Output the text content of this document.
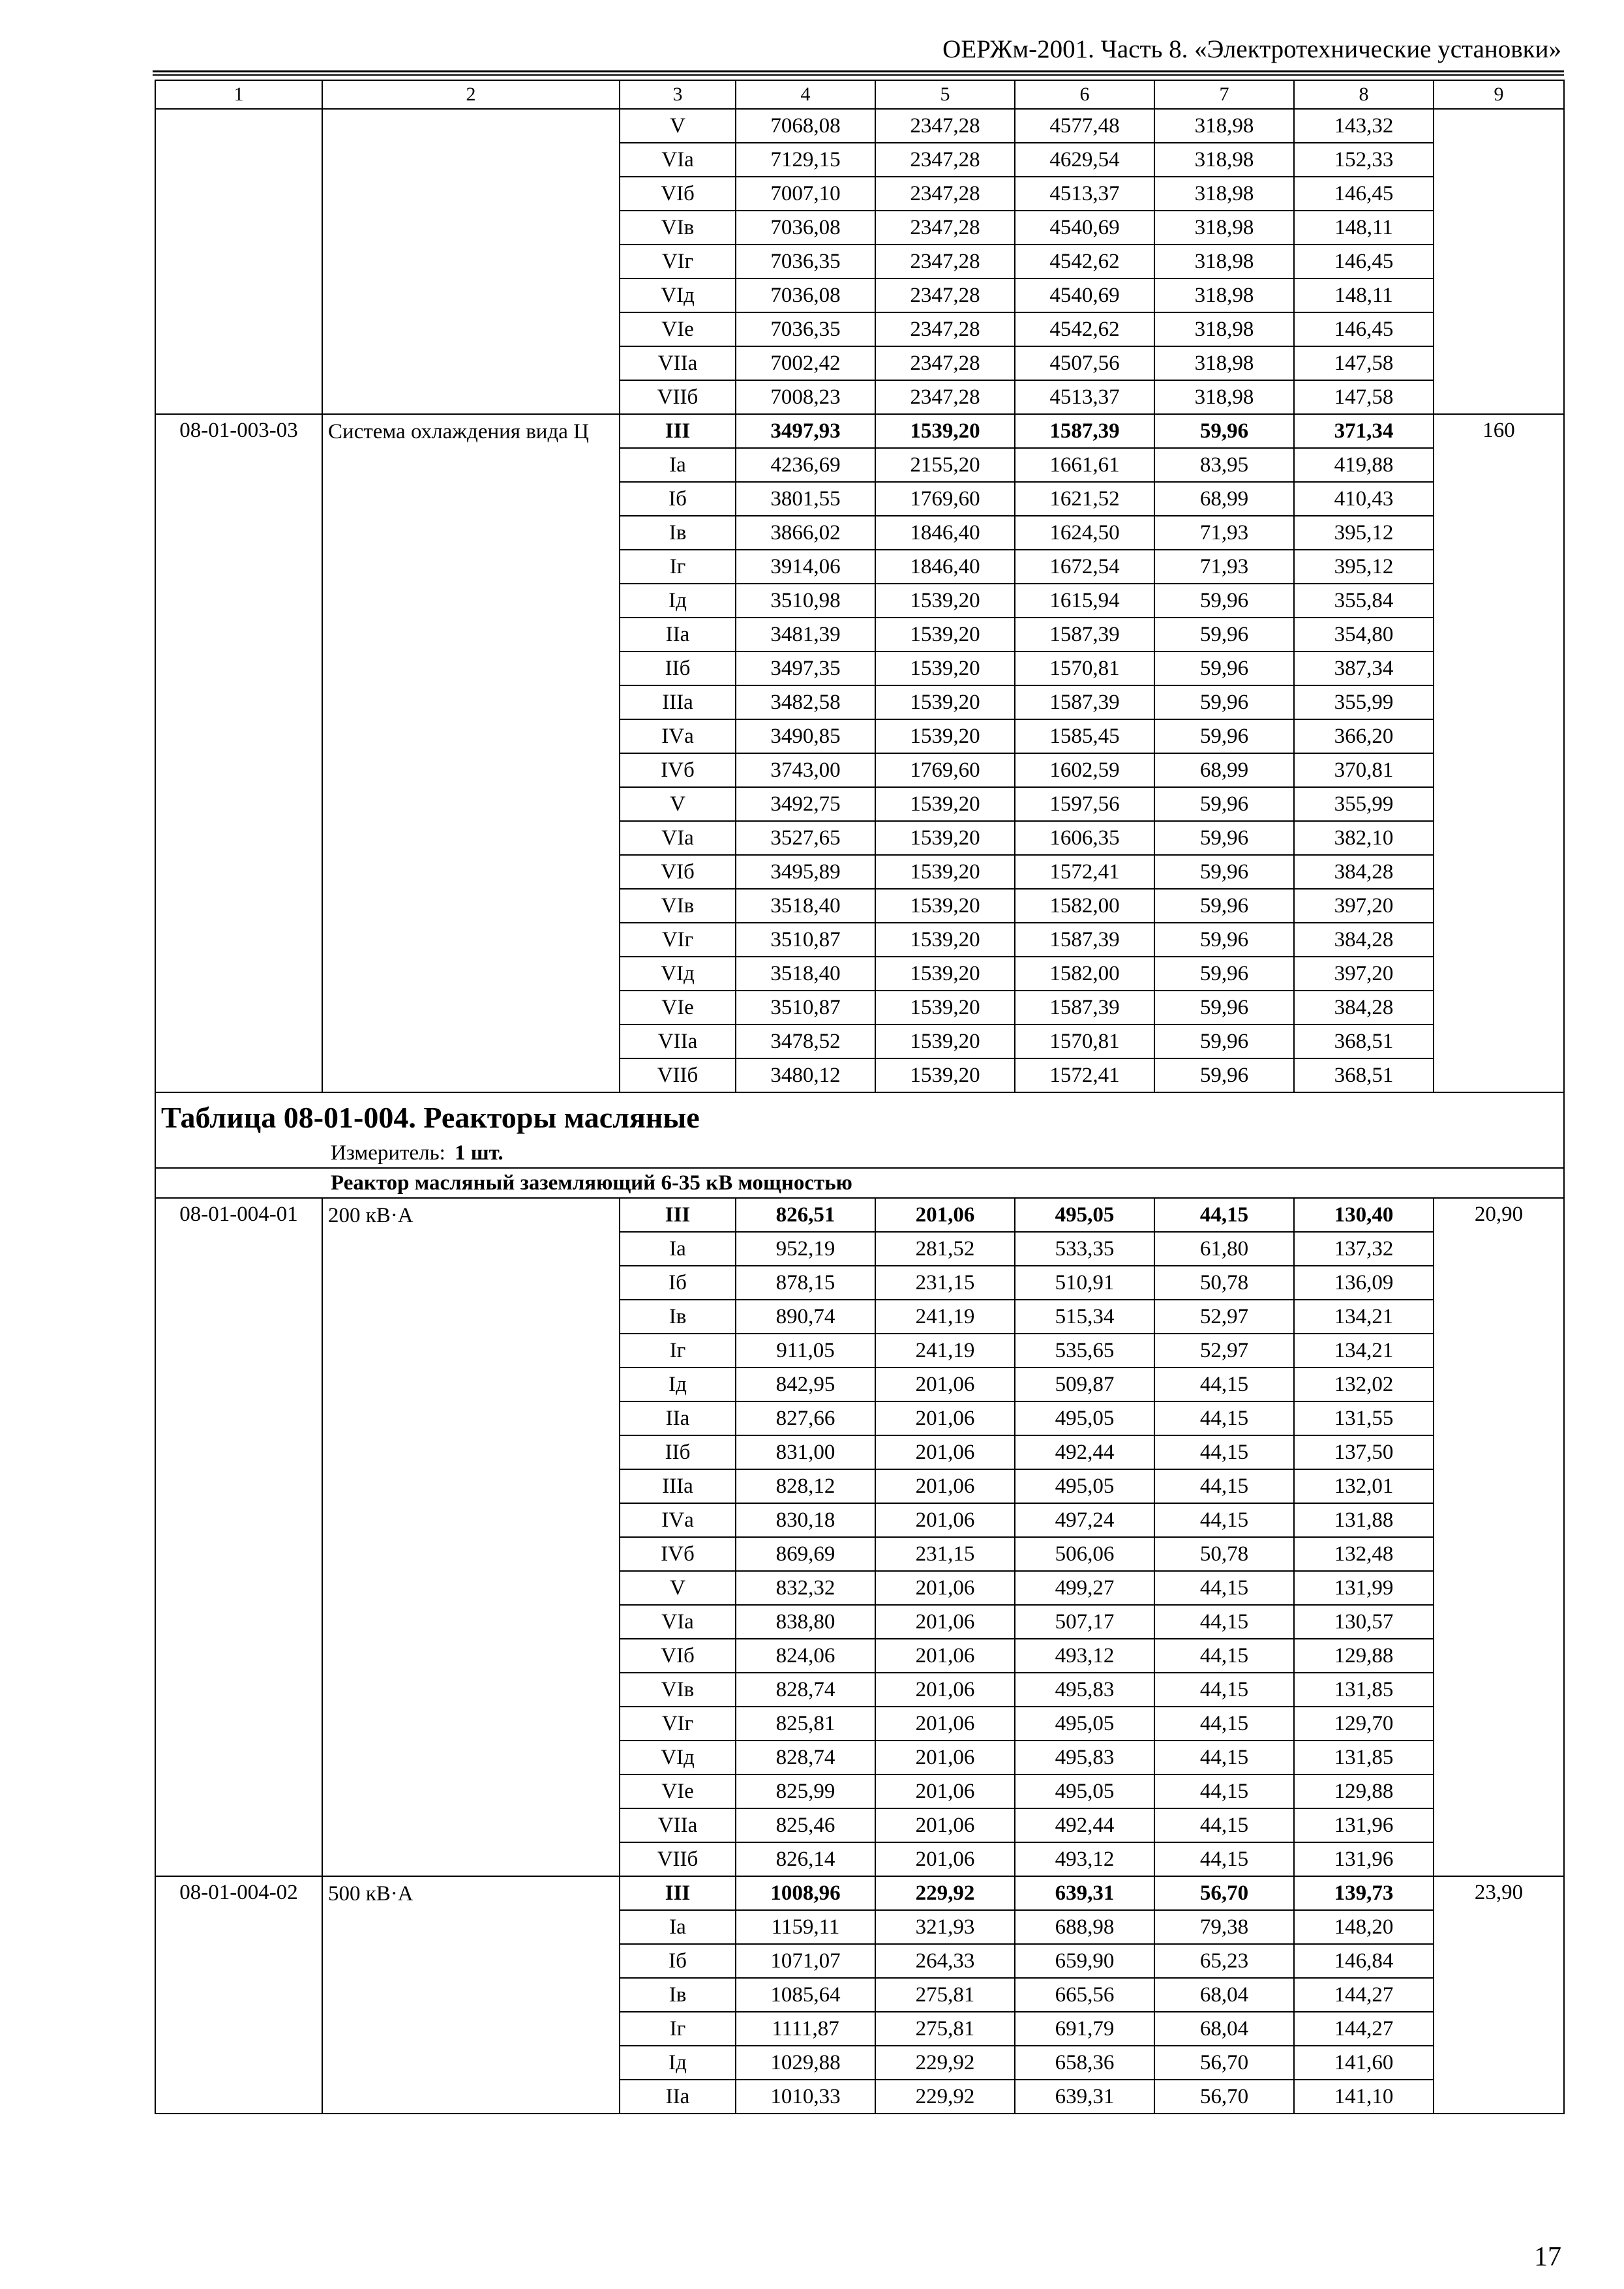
ОЕРЖм-2001. Часть 8. «Электротехнические установки»
1	2	3	4	5	6	7	8	9
		V	7068,08	2347,28	4577,48	318,98	143,32	
		VIа	7129,15	2347,28	4629,54	318,98	152,33	
		VIб	7007,10	2347,28	4513,37	318,98	146,45	
		VIв	7036,08	2347,28	4540,69	318,98	148,11	
		VIг	7036,35	2347,28	4542,62	318,98	146,45	
		VIд	7036,08	2347,28	4540,69	318,98	148,11	
		VIе	7036,35	2347,28	4542,62	318,98	146,45	
		VIIа	7002,42	2347,28	4507,56	318,98	147,58	
		VIIб	7008,23	2347,28	4513,37	318,98	147,58	
08-01-003-03	Система охлаждения вида Ц	III	3497,93	1539,20	1587,39	59,96	371,34	160
		Iа	4236,69	2155,20	1661,61	83,95	419,88	
		Iб	3801,55	1769,60	1621,52	68,99	410,43	
		Iв	3866,02	1846,40	1624,50	71,93	395,12	
		Iг	3914,06	1846,40	1672,54	71,93	395,12	
		Iд	3510,98	1539,20	1615,94	59,96	355,84	
		IIа	3481,39	1539,20	1587,39	59,96	354,80	
		IIб	3497,35	1539,20	1570,81	59,96	387,34	
		IIIа	3482,58	1539,20	1587,39	59,96	355,99	
		IVа	3490,85	1539,20	1585,45	59,96	366,20	
		IVб	3743,00	1769,60	1602,59	68,99	370,81	
		V	3492,75	1539,20	1597,56	59,96	355,99	
		VIа	3527,65	1539,20	1606,35	59,96	382,10	
		VIб	3495,89	1539,20	1572,41	59,96	384,28	
		VIв	3518,40	1539,20	1582,00	59,96	397,20	
		VIг	3510,87	1539,20	1587,39	59,96	384,28	
		VIд	3518,40	1539,20	1582,00	59,96	397,20	
		VIе	3510,87	1539,20	1587,39	59,96	384,28	
		VIIа	3478,52	1539,20	1570,81	59,96	368,51	
		VIIб	3480,12	1539,20	1572,41	59,96	368,51	
Таблица 08-01-004. Реакторы масляные								
Измеритель: 1 шт.								
Реактор масляный заземляющий 6-35 кВ мощностью								
08-01-004-01	200 кВ·А	III	826,51	201,06	495,05	44,15	130,40	20,90
		Iа	952,19	281,52	533,35	61,80	137,32	
		Iб	878,15	231,15	510,91	50,78	136,09	
		Iв	890,74	241,19	515,34	52,97	134,21	
		Iг	911,05	241,19	535,65	52,97	134,21	
		Iд	842,95	201,06	509,87	44,15	132,02	
		IIа	827,66	201,06	495,05	44,15	131,55	
		IIб	831,00	201,06	492,44	44,15	137,50	
		IIIа	828,12	201,06	495,05	44,15	132,01	
		IVа	830,18	201,06	497,24	44,15	131,88	
		IVб	869,69	231,15	506,06	50,78	132,48	
		V	832,32	201,06	499,27	44,15	131,99	
		VIа	838,80	201,06	507,17	44,15	130,57	
		VIб	824,06	201,06	493,12	44,15	129,88	
		VIв	828,74	201,06	495,83	44,15	131,85	
		VIг	825,81	201,06	495,05	44,15	129,70	
		VIд	828,74	201,06	495,83	44,15	131,85	
		VIе	825,99	201,06	495,05	44,15	129,88	
		VIIа	825,46	201,06	492,44	44,15	131,96	
		VIIб	826,14	201,06	493,12	44,15	131,96	
08-01-004-02	500 кВ·А	III	1008,96	229,92	639,31	56,70	139,73	23,90
		Iа	1159,11	321,93	688,98	79,38	148,20	
		Iб	1071,07	264,33	659,90	65,23	146,84	
		Iв	1085,64	275,81	665,56	68,04	144,27	
		Iг	1111,87	275,81	691,79	68,04	144,27	
		Iд	1029,88	229,92	658,36	56,70	141,60	
		IIа	1010,33	229,92	639,31	56,70	141,10	
17
